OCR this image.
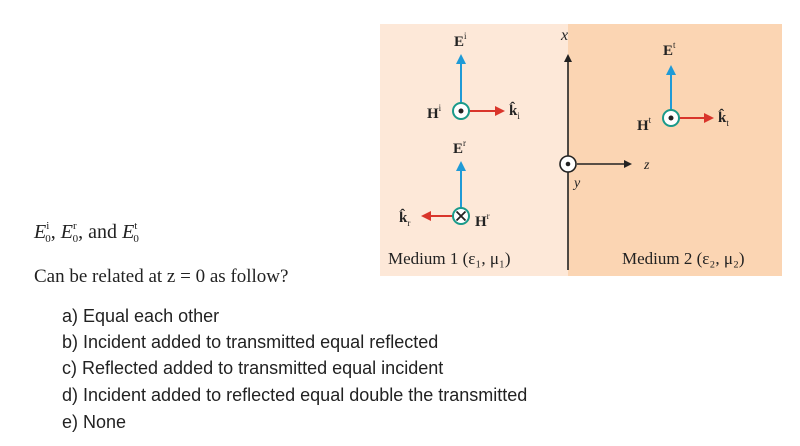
x
y
z
$E^i$
$H^i$	$k̂_i$
$E^r$
$k̂_r$	$H^r$
$E^t$
$H^t$	$k̂_t$
Medium 1 (ε₁, μ₁)	Medium 2 (ε₂, μ₂)
$E^i_0$, $E^r_0$, and $E^t_0$
Can be related at z = 0 as follow?
a) Equal each other
b) Incident added to transmitted equal reflected
c) Reflected added to transmitted equal incident
d) Incident added to reflected equal double the transmitted
e) None
